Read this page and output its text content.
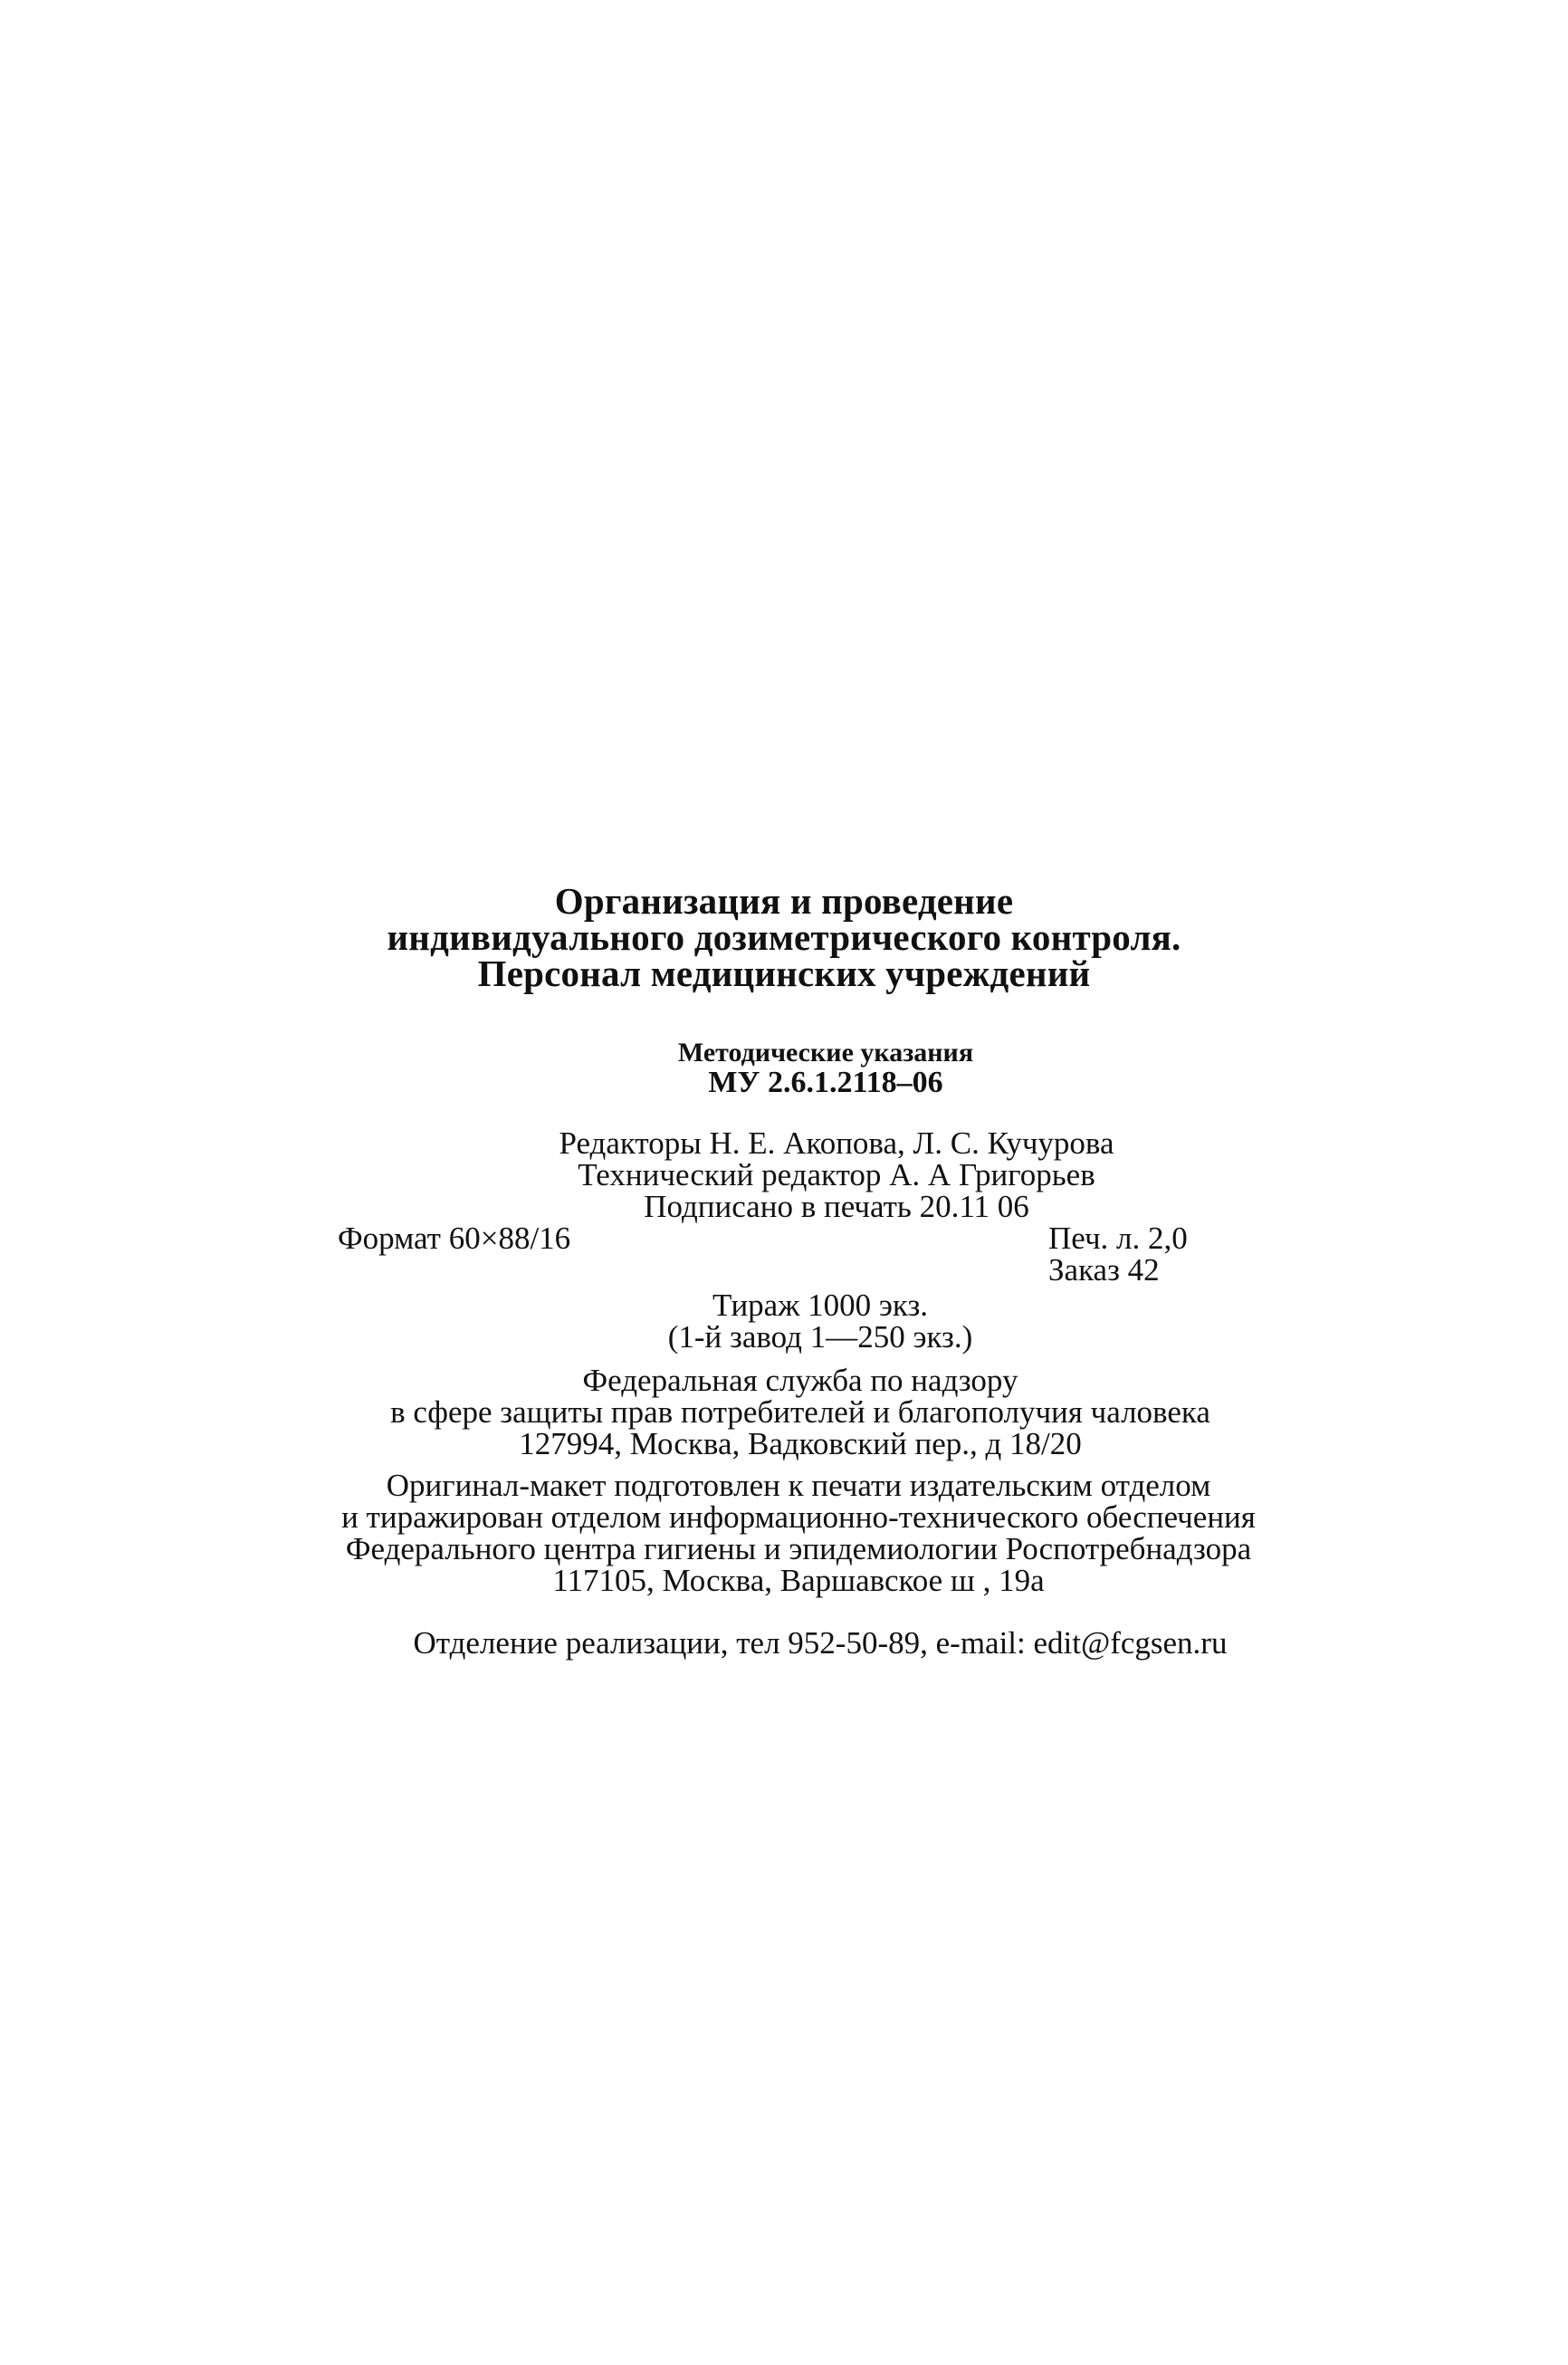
Организация и проведение
индивидуального дозиметрического контроля.
Персонал медицинских учреждений
Методические указания
МУ 2.6.1.2118–06
Редакторы Н. Е. Акопова, Л. С. Кучурова
Технический редактор А. А Григорьев
Подписано в печать 20.11 06
Формат 60×88/16	Печ. л. 2,0
Заказ 42
Тираж 1000 экз.
(1-й завод 1—250 экз.)
Федеральная служба по надзору
в сфере защиты прав потребителей и благополучия чаловека
127994, Москва, Вадковский пер., д 18/20
Оригинал-макет подготовлен к печати издательским отделом
и тиражирован отделом информационно-технического обеспечения
Федерального центра гигиены и эпидемиологии Роспотребнадзора
117105, Москва, Варшавское ш , 19а
Отделение реализации, тел 952-50-89, e-mail: edit@fcgsen.ru
